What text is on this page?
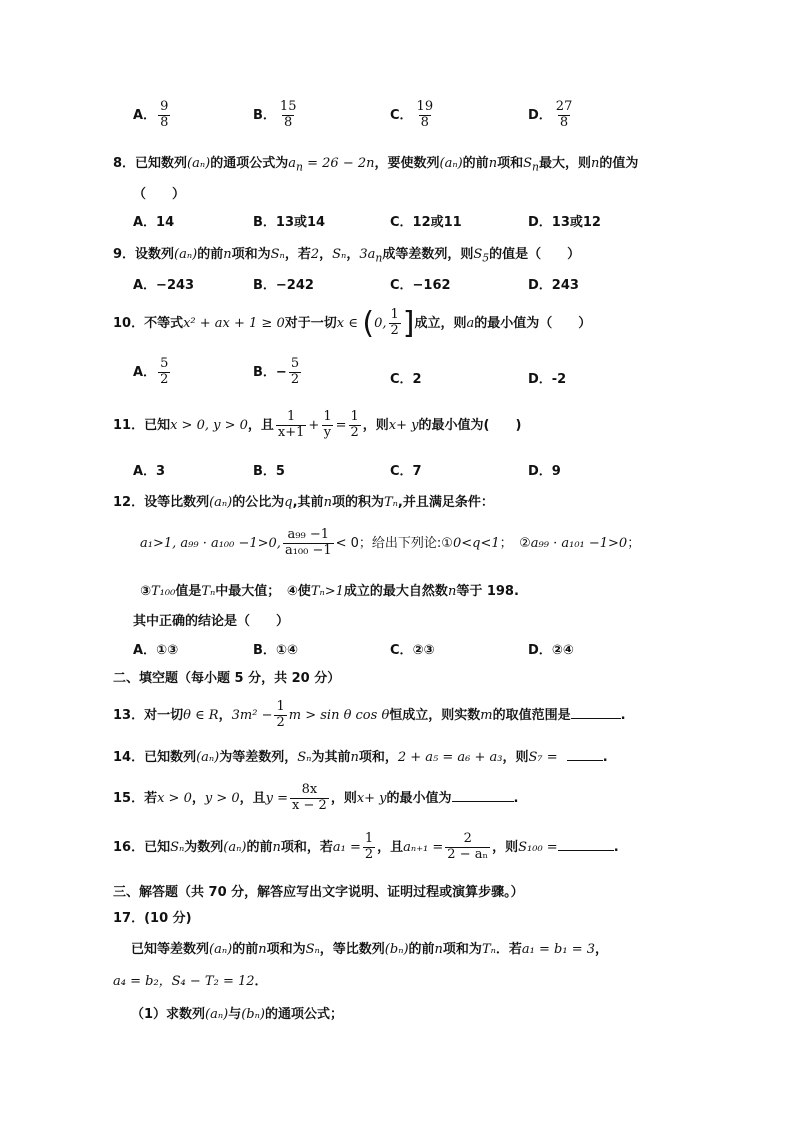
A． $\frac{9}{8}$	B． $\frac{15}{8}$	C． $\frac{19}{8}$	D． $\frac{27}{8}$
8．已知数列(aₙ)的通项公式为$a_n = 26 - 2n$，要使数列(aₙ)的前n项和$S_n$最大，则n的值为
（　　）
A．14	B．13或14	C．12或11	D．13或12
9．设数列(aₙ)的前n项和为Sₙ，若2，Sₙ，$3a_n$成等差数列，则$S_5$的值是（　　）
A．−243	B．−242	C．−162	D．243
10．不等式x² + ax + 1 ≥ 0对于一切x ∈ (0, $\frac{1}{2}$ ]成立，则a的最小值为（　　）
A． $\frac{5}{2}$	B．− $\frac{5}{2}$	C．2	D．-2
11．已知x > 0, y > 0，且 $\frac{1}{x+1} + \frac{1}{y} = \frac{1}{2}$ ，则x+ y的最小值为(　　)
A．3	B．5	C．7	D．9
12．设等比数列(aₙ)的公比为q,其前n项的积为Tₙ,并且满足条件：
a₁>1, a₉₉ · a₁₀₀ −1>0, $\frac{\text{a₉₉ −1}}{\text{a₁₀₀ −1}} < 0$；给出下列论:①0<q<1；　②a₉₉ · a₁₀₁ −1>0；
③T₁₀₀值是Tₙ中最大值；　④使Tₙ>1成立的最大自然数n等于 198.
其中正确的结论是（　　）
A．①③	B．①④	C．②③	D．②④
二、填空题（每小题 5 分，共 20 分）
13．对一切θ ∈ R，$3m^2 - \frac{1}{2}$ m > sin θ cos θ恒成立，则实数m的取值范围是	.
14．已知数列(aₙ)为等差数列，Sₙ为其前n项和，2 + a₅ = a₆ + a₃，则S₇ =	.
15．若x > 0，y > 0，且$y = \frac{8x}{x - 2}$ ，则x+ y的最小值为	.
16．已知Sₙ为数列(aₙ)的前n项和，若$a_1 = \frac{1}{2}$ ，且$a_{n+1} = \frac{2}{\text{2 − aₙ}}$ ，则S₁₀₀ =	.
三、解答题（共 70 分，解答应写出文字说明、证明过程或演算步骤。）
17．(10 分)
已知等差数列(aₙ)的前n项和为Sₙ，等比数列(bₙ)的前n项和为Tₙ．若a₁ = b₁ = 3，
a₄ = b₂，S₄ − T₂ = 12．
（1）求数列(aₙ)与(bₙ)的通项公式；
